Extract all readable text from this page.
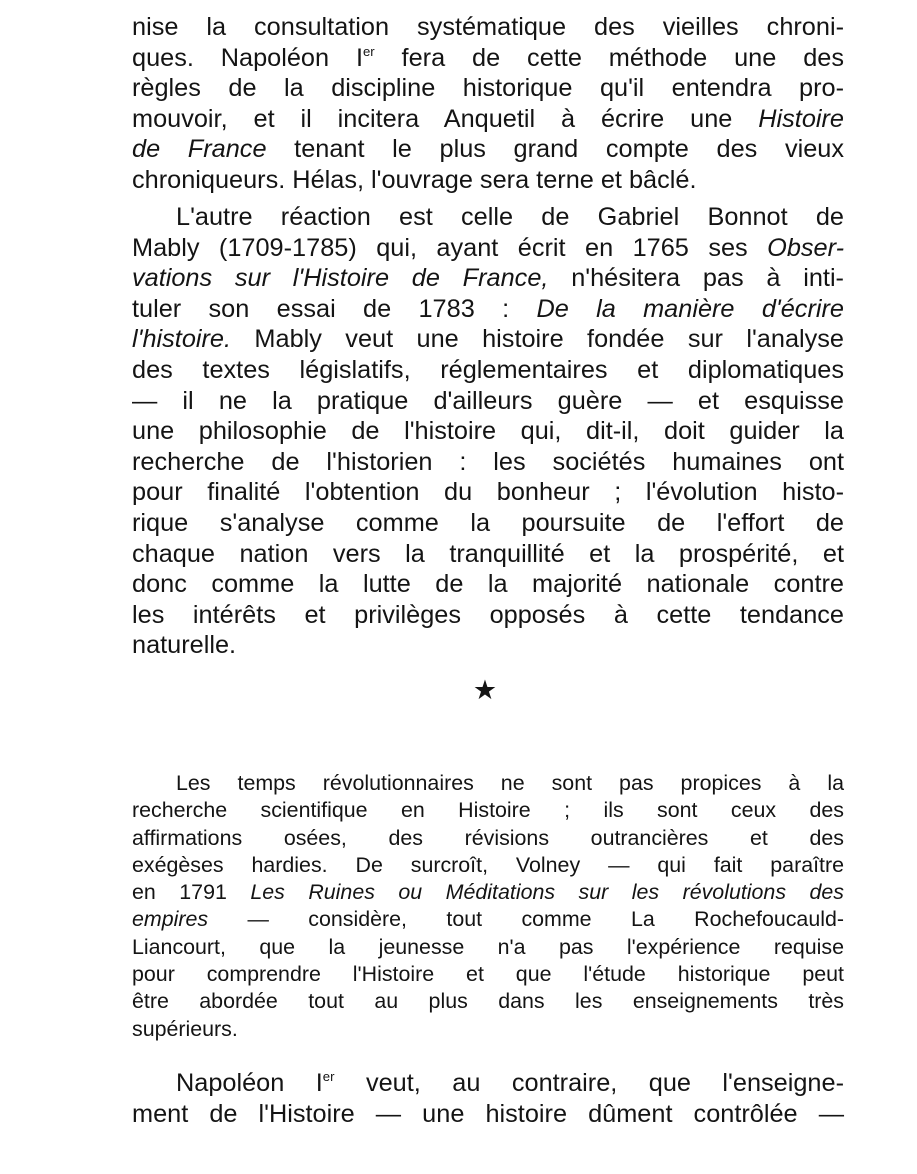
nise la consultation systématique des vieilles chroni-
ques. Napoléon Ier fera de cette méthode une des
règles de la discipline historique qu'il entendra pro-
mouvoir, et il incitera Anquetil à écrire une Histoire
de France tenant le plus grand compte des vieux
chroniqueurs. Hélas, l'ouvrage sera terne et bâclé.
L'autre réaction est celle de Gabriel Bonnot de
Mably (1709-1785) qui, ayant écrit en 1765 ses Obser-
vations sur l'Histoire de France, n'hésitera pas à inti-
tuler son essai de 1783 : De la manière d'écrire
l'histoire. Mably veut une histoire fondée sur l'analyse
des textes législatifs, réglementaires et diplomatiques
— il ne la pratique d'ailleurs guère — et esquisse
une philosophie de l'histoire qui, dit-il, doit guider la
recherche de l'historien : les sociétés humaines ont
pour finalité l'obtention du bonheur ; l'évolution histo-
rique s'analyse comme la poursuite de l'effort de
chaque nation vers la tranquillité et la prospérité, et
donc comme la lutte de la majorité nationale contre
les intérêts et privilèges opposés à cette tendance
naturelle.
★
Les temps révolutionnaires ne sont pas propices à la
recherche scientifique en Histoire ; ils sont ceux des
affirmations osées, des révisions outrancières et des
exégèses hardies. De surcroît, Volney — qui fait paraître
en 1791 Les Ruines ou Méditations sur les révolutions des
empires — considère, tout comme La Rochefoucauld-
Liancourt, que la jeunesse n'a pas l'expérience requise
pour comprendre l'Histoire et que l'étude historique peut
être abordée tout au plus dans les enseignements très
supérieurs.
Napoléon Ier veut, au contraire, que l'enseigne-
ment de l'Histoire — une histoire dûment contrôlée —
